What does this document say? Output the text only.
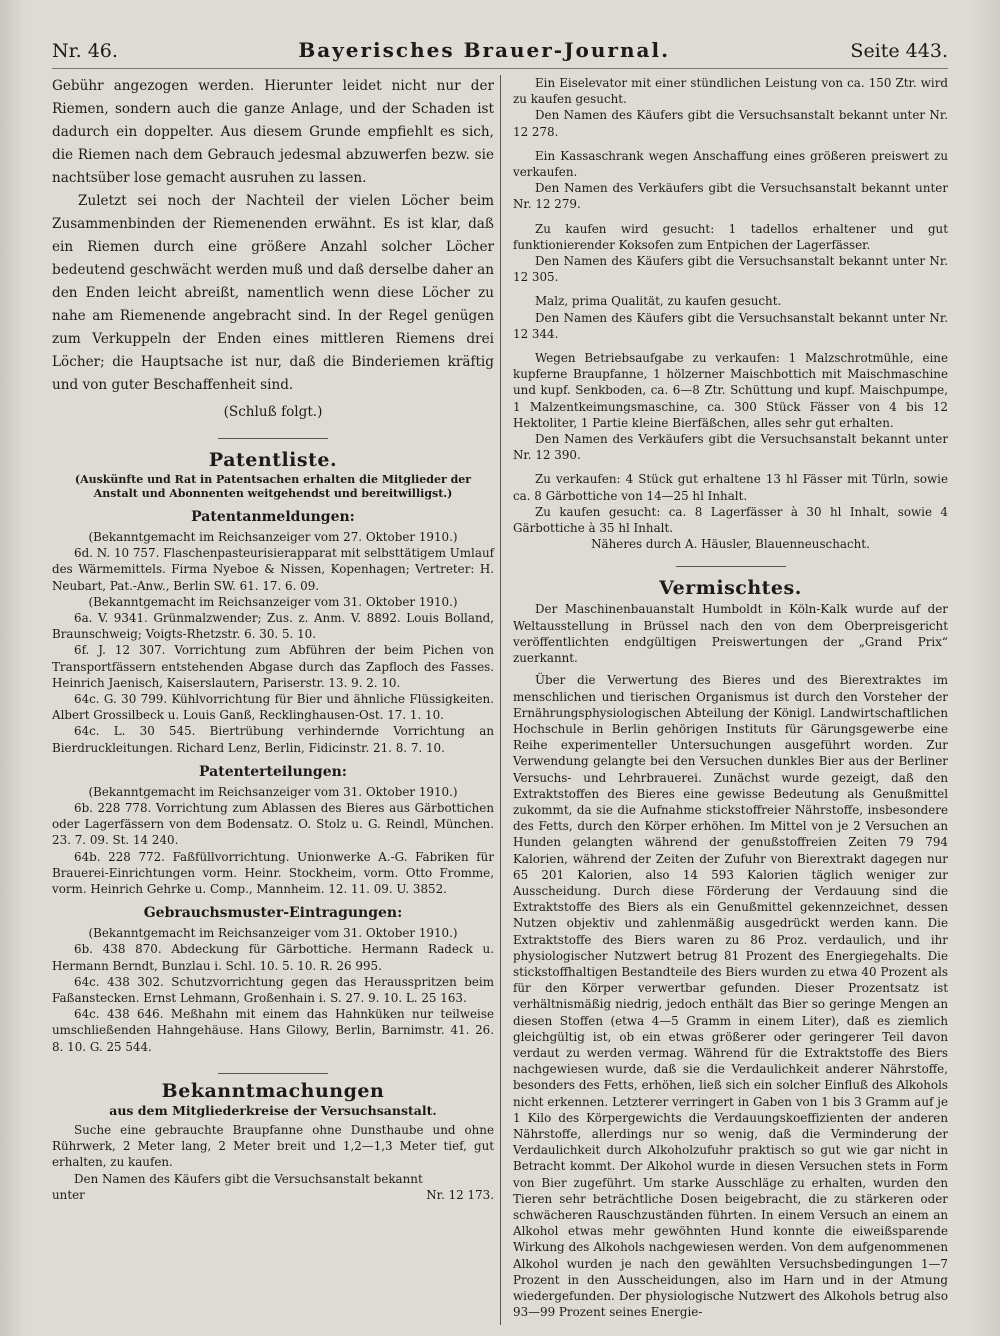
Nr. 46.	Bayerisches Brauer-Journal.	Seite 443.

Gebühr angezogen werden. Hierunter leidet nicht nur der Riemen, sondern auch die ganze Anlage, und der Schaden ist dadurch ein doppelter. Aus diesem Grunde empfiehlt es sich, die Riemen nach dem Gebrauch jedesmal abzuwerfen bezw. sie nachtsüber lose gemacht ausruhen zu lassen.

Zuletzt sei noch der Nachteil der vielen Löcher beim Zusammenbinden der Riemenenden erwähnt. Es ist klar, daß ein Riemen durch eine größere Anzahl solcher Löcher bedeutend geschwächt werden muß und daß derselbe daher an den Enden leicht abreißt, namentlich wenn diese Löcher zu nahe am Riemenende angebracht sind. In der Regel genügen zum Verkuppeln der Enden eines mittleren Riemens drei Löcher; die Hauptsache ist nur, daß die Binderiemen kräftig und von guter Beschaffenheit sind.

(Schluß folgt.)

Patentliste.
(Auskünfte und Rat in Patentsachen erhalten die Mitglieder der Anstalt und Abonnenten weitgehendst und bereitwilligst.)
Patentanmeldungen:

(Bekanntgemacht im Reichsanzeiger vom 27. Oktober 1910.)

6d. N. 10 757. Flaschenpasteurisierapparat mit selbsttätigem Umlauf des Wärmemittels. Firma Nyeboe & Nissen, Kopenhagen; Vertreter: H. Neubart, Pat.-Anw., Berlin SW. 61. 17. 6. 09.

(Bekanntgemacht im Reichsanzeiger vom 31. Oktober 1910.)

6a. V. 9341. Grünmalzwender; Zus. z. Anm. V. 8892. Louis Bolland, Braunschweig; Voigts-Rhetzstr. 6. 30. 5. 10.

6f. J. 12 307. Vorrichtung zum Abführen der beim Pichen von Transportfässern entstehenden Abgase durch das Zapfloch des Fasses. Heinrich Jaenisch, Kaiserslautern, Pariserstr. 13. 9. 2. 10.

64c. G. 30 799. Kühlvorrichtung für Bier und ähnliche Flüssigkeiten. Albert Grossilbeck u. Louis Ganß, Recklinghausen-Ost. 17. 1. 10.

64c. L. 30 545. Biertrübung verhindernde Vorrichtung an Bierdruckleitungen. Richard Lenz, Berlin, Fidicinstr. 21. 8. 7. 10.

Patenterteilungen:

(Bekanntgemacht im Reichsanzeiger vom 31. Oktober 1910.)

6b. 228 778. Vorrichtung zum Ablassen des Bieres aus Gärbottichen oder Lagerfässern von dem Bodensatz. O. Stolz u. G. Reindl, München. 23. 7. 09. St. 14 240.

64b. 228 772. Faßfüllvorrichtung. Unionwerke A.-G. Fabriken für Brauerei-Einrichtungen vorm. Heinr. Stockheim, vorm. Otto Fromme, vorm. Heinrich Gehrke u. Comp., Mannheim. 12. 11. 09. U. 3852.

Gebrauchsmuster-Eintragungen:

(Bekanntgemacht im Reichsanzeiger vom 31. Oktober 1910.)

6b. 438 870. Abdeckung für Gärbottiche. Hermann Radeck u. Hermann Berndt, Bunzlau i. Schl. 10. 5. 10. R. 26 995.

64c. 438 302. Schutzvorrichtung gegen das Herausspritzen beim Faßanstecken. Ernst Lehmann, Großenhain i. S. 27. 9. 10. L. 25 163.

64c. 438 646. Meßhahn mit einem das Hahnküken nur teilweise umschließenden Hahngehäuse. Hans Gilowy, Berlin, Barnimstr. 41. 26. 8. 10. G. 25 544.

Bekanntmachungen
aus dem Mitgliederkreise der Versuchsanstalt.

Suche eine gebrauchte Braupfanne ohne Dunsthaube und ohne Rührwerk, 2 Meter lang, 2 Meter breit und 1,2—1,3 Meter tief, gut erhalten, zu kaufen.

Den Namen des Käufers gibt die Versuchsanstalt bekannt

unter	Nr. 12 173.

Ein Eiselevator mit einer stündlichen Leistung von ca. 150 Ztr. wird zu kaufen gesucht.

Den Namen des Käufers gibt die Versuchsanstalt bekannt unter Nr. 12 278.

Ein Kassaschrank wegen Anschaffung eines größeren preiswert zu verkaufen.

Den Namen des Verkäufers gibt die Versuchsanstalt bekannt unter Nr. 12 279.

Zu kaufen wird gesucht: 1 tadellos erhaltener und gut funktionierender Koksofen zum Entpichen der Lagerfässer.

Den Namen des Käufers gibt die Versuchsanstalt bekannt unter Nr. 12 305.

Malz, prima Qualität, zu kaufen gesucht.

Den Namen des Käufers gibt die Versuchsanstalt bekannt unter Nr. 12 344.

Wegen Betriebsaufgabe zu verkaufen: 1 Malzschrotmühle, eine kupferne Braupfanne, 1 hölzerner Maischbottich mit Maischmaschine und kupf. Senkboden, ca. 6—8 Ztr. Schüttung und kupf. Maischpumpe, 1 Malzentkeimungsmaschine, ca. 300 Stück Fässer von 4 bis 12 Hektoliter, 1 Partie kleine Bierfäßchen, alles sehr gut erhalten.

Den Namen des Verkäufers gibt die Versuchsanstalt bekannt unter Nr. 12 390.

Zu verkaufen: 4 Stück gut erhaltene 13 hl Fässer mit Türln, sowie ca. 8 Gärbottiche von 14—25 hl Inhalt.

Zu kaufen gesucht: ca. 8 Lagerfässer à 30 hl Inhalt, sowie 4 Gärbottiche à 35 hl Inhalt.

Näheres durch A. Häusler, Blauenneuschacht.

Vermischtes.

Der Maschinenbauanstalt Humboldt in Köln-Kalk wurde auf der Weltausstellung in Brüssel nach den von dem Oberpreisgericht veröffentlichten endgültigen Preiswertungen der „Grand Prix“ zuerkannt.

Über die Verwertung des Bieres und des Bierextraktes im menschlichen und tierischen Organismus ist durch den Vorsteher der Ernährungsphysiologischen Abteilung der Königl. Landwirtschaftlichen Hochschule in Berlin gehörigen Instituts für Gärungsgewerbe eine Reihe experimenteller Untersuchungen ausgeführt worden. Zur Verwendung gelangte bei den Versuchen dunkles Bier aus der Berliner Versuchs- und Lehrbrauerei. Zunächst wurde gezeigt, daß den Extraktstoffen des Bieres eine gewisse Bedeutung als Genußmittel zukommt, da sie die Aufnahme stickstoffreier Nährstoffe, insbesondere des Fetts, durch den Körper erhöhen. Im Mittel von je 2 Versuchen an Hunden gelangten während der genußstoffreien Zeiten 79 794 Kalorien, während der Zeiten der Zufuhr von Bierextrakt dagegen nur 65 201 Kalorien, also 14 593 Kalorien täglich weniger zur Ausscheidung. Durch diese Förderung der Verdauung sind die Extraktstoffe des Biers als ein Genußmittel gekennzeichnet, dessen Nutzen objektiv und zahlenmäßig ausgedrückt werden kann. Die Extraktstoffe des Biers waren zu 86 Proz. verdaulich, und ihr physiologischer Nutzwert betrug 81 Prozent des Energiegehalts. Die stickstoffhaltigen Bestandteile des Biers wurden zu etwa 40 Prozent als für den Körper verwertbar gefunden. Dieser Prozentsatz ist verhältnismäßig niedrig, jedoch enthält das Bier so geringe Mengen an diesen Stoffen (etwa 4—5 Gramm in einem Liter), daß es ziemlich gleichgültig ist, ob ein etwas größerer oder geringerer Teil davon verdaut zu werden vermag. Während für die Extraktstoffe des Biers nachgewiesen wurde, daß sie die Verdaulichkeit anderer Nährstoffe, besonders des Fetts, erhöhen, ließ sich ein solcher Einfluß des Alkohols nicht erkennen. Letzterer verringert in Gaben von 1 bis 3 Gramm auf je 1 Kilo des Körpergewichts die Verdauungskoeffizienten der anderen Nährstoffe, allerdings nur so wenig, daß die Verminderung der Verdaulichkeit durch Alkoholzufuhr praktisch so gut wie gar nicht in Betracht kommt. Der Alkohol wurde in diesen Versuchen stets in Form von Bier zugeführt. Um starke Ausschläge zu erhalten, wurden den Tieren sehr beträchtliche Dosen beigebracht, die zu stärkeren oder schwächeren Rauschzuständen führten. In einem Versuch an einem an Alkohol etwas mehr gewöhnten Hund konnte die eiweißsparende Wirkung des Alkohols nachgewiesen werden. Von dem aufgenommenen Alkohol wurden je nach den gewählten Versuchsbedingungen 1—7 Prozent in den Ausscheidungen, also im Harn und in der Atmung wiedergefunden. Der physiologische Nutzwert des Alkohols betrug also 93—99 Prozent seines Energie-
